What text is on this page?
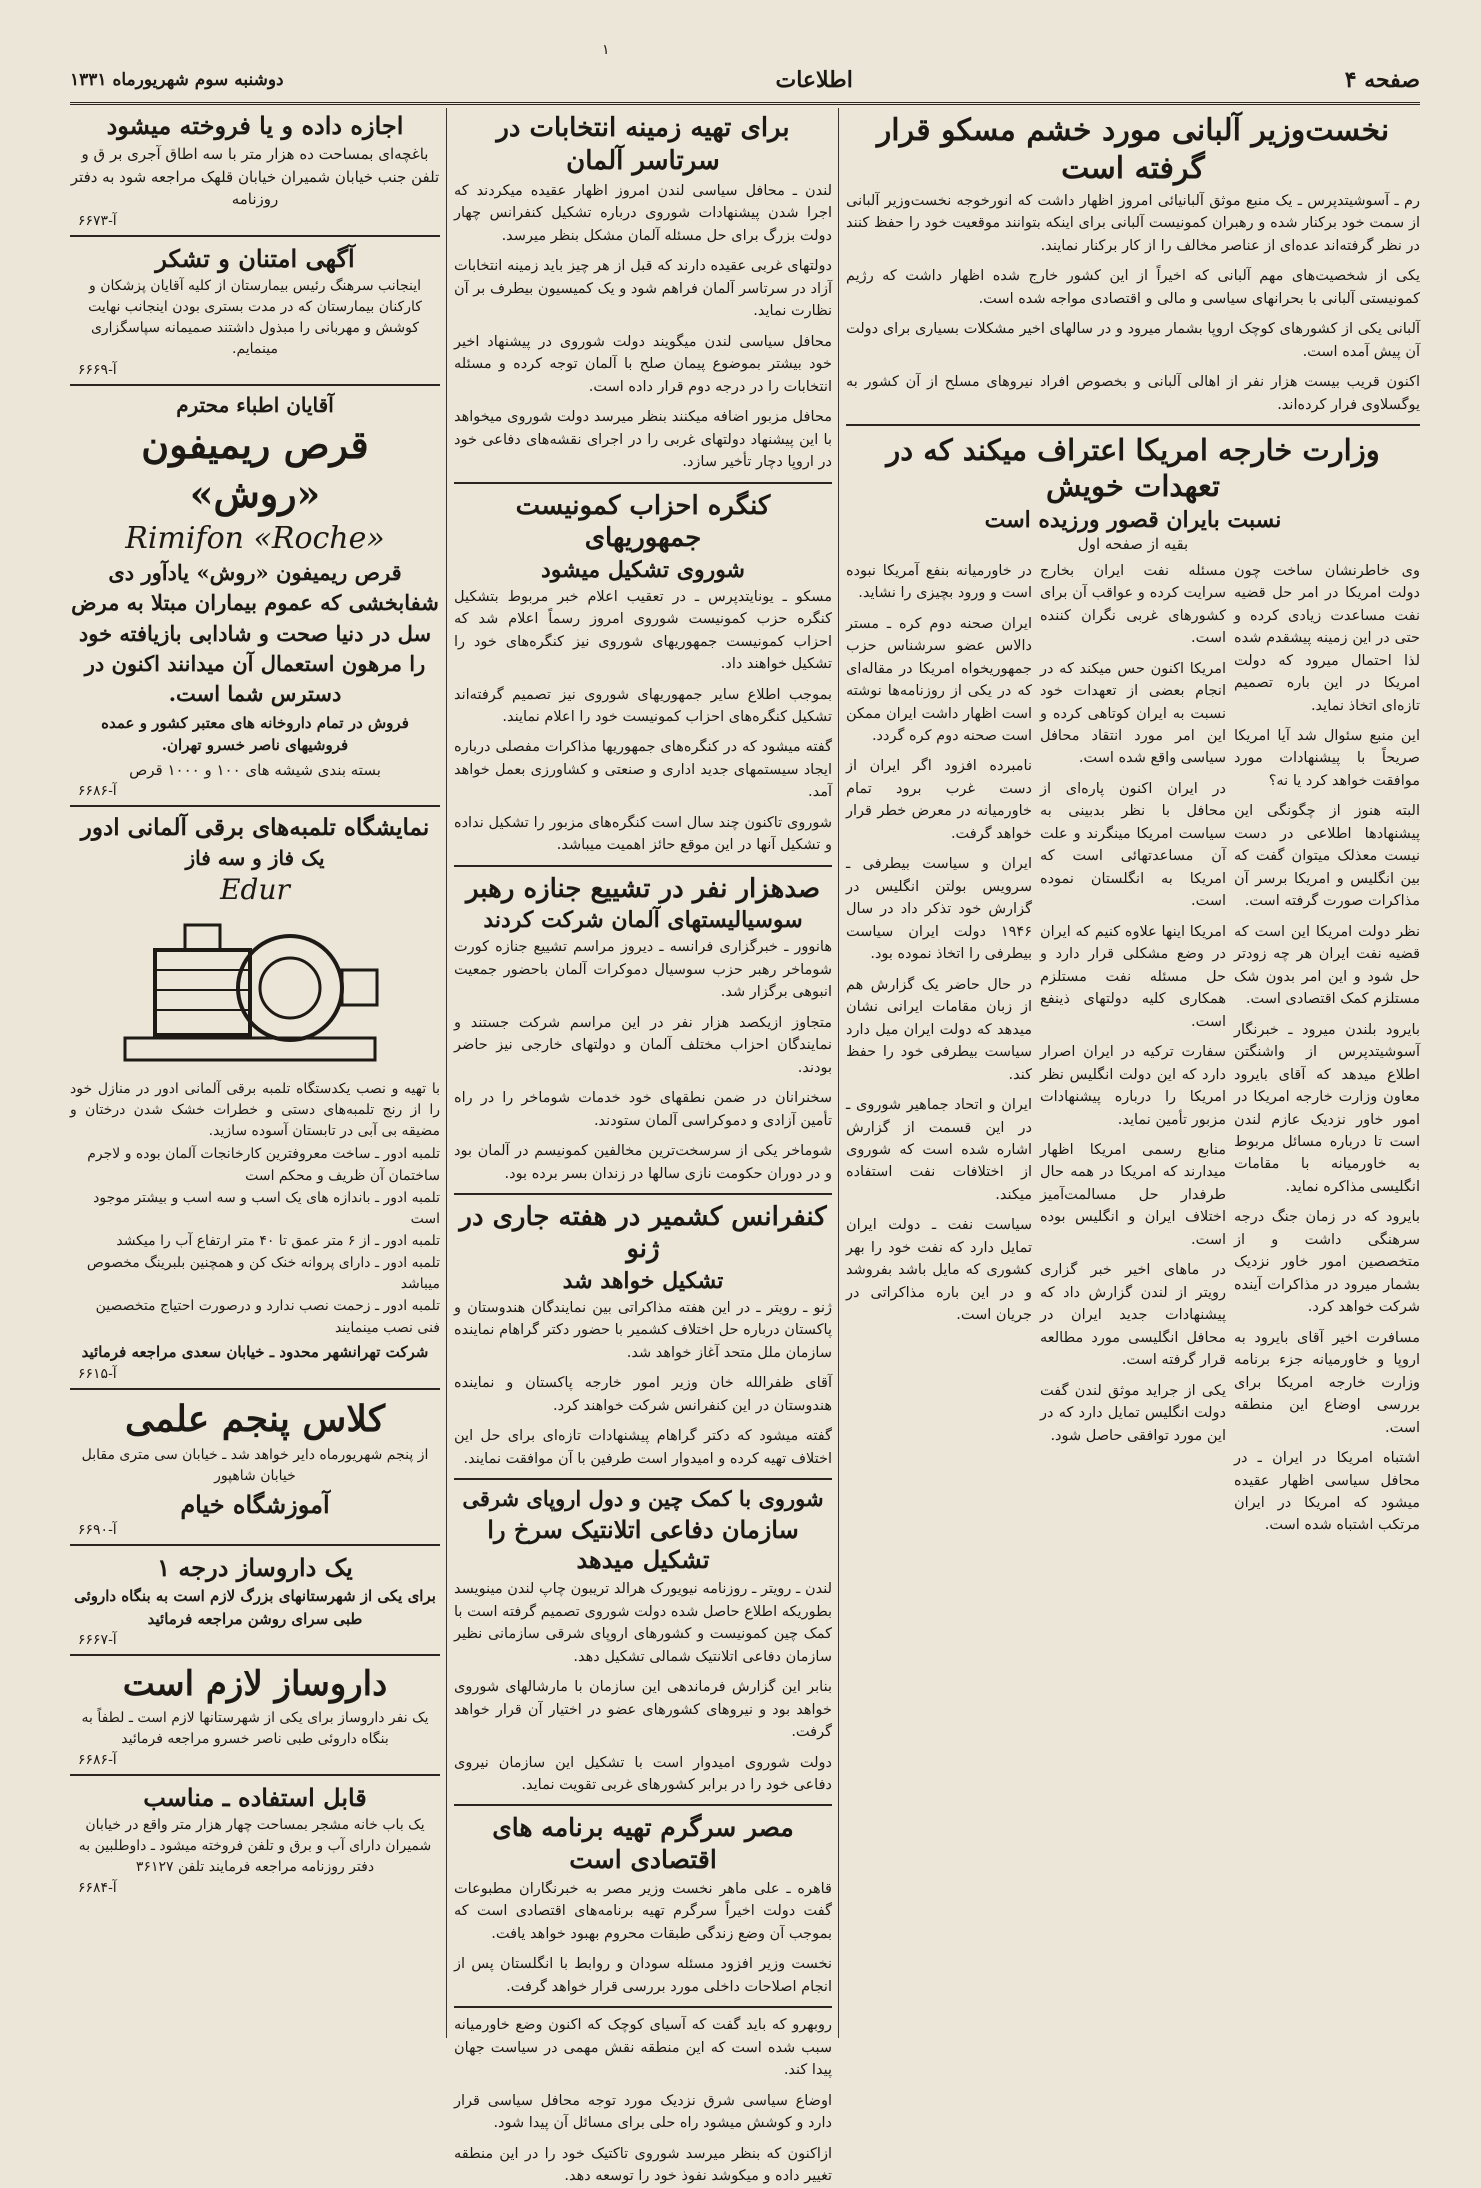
صفحه ۴
اطلاعات
دوشنبه سوم شهریورماه ۱۳۳۱
۱
نخست‌وزیر آلبانی مورد خشم مسکو قرار گرفته است

رم ـ آسوشیتدپرس ـ یک منبع موثق آلبانیائی امروز اظهار داشت که انورخوجه نخست‌وزیر آلبانی از سمت خود برکنار شده و رهبران کمونیست آلبانی برای اینکه بتوانند موقعیت خود را حفظ کنند در نظر گرفته‌اند عده‌ای از عناصر مخالف را از کار برکنار نمایند.

یکی از شخصیت‌های مهم آلبانی که اخیراً از این کشور خارج شده اظهار داشت که رژیم کمونیستی آلبانی با بحرانهای سیاسی و مالی و اقتصادی مواجه شده است.

آلبانی یکی از کشورهای کوچک اروپا بشمار میرود و در سالهای اخیر مشکلات بسیاری برای دولت آن پیش آمده است.

اکنون قریب بیست هزار نفر از اهالی آلبانی و بخصوص افراد نیروهای مسلح از آن کشور به یوگسلاوی فرار کرده‌اند.

وزارت خارجه امریکا اعتراف میکند که در تعهدات خویش
نسبت بایران قصور ورزیده است
بقیه از صفحه اول

وی خاطرنشان ساخت چون دولت امریکا در امر حل قضیه نفت مساعدت زیادی کرده و حتی در این زمینه پیشقدم شده لذا احتمال میرود که دولت امریکا در این باره تصمیم تازه‌ای اتخاذ نماید.

این منبع سئوال شد آیا امریکا صریحاً با پیشنهادات مورد موافقت خواهد کرد یا نه؟

البته هنوز از چگونگی این پیشنهادها اطلاعی در دست نیست معذلک میتوان گفت که بین انگلیس و امریکا برسر آن مذاکرات صورت گرفته است.

نظر دولت امریکا این است که قضیه نفت ایران هر چه زودتر حل شود و این امر بدون شک مستلزم کمک اقتصادی است.

بایرود بلندن میرود ـ خبرنگار آسوشیتدپرس از واشنگتن اطلاع میدهد که آقای بایرود معاون وزارت خارجه امریکا در امور خاور نزدیک عازم لندن است تا درباره مسائل مربوط به خاورمیانه با مقامات انگلیسی مذاکره نماید.

بایرود که در زمان جنگ درجه سرهنگی داشت و از متخصصین امور خاور نزدیک بشمار میرود در مذاکرات آینده شرکت خواهد کرد.

مسافرت اخیر آقای بایرود به اروپا و خاورمیانه جزء برنامه وزارت خارجه امریکا برای بررسی اوضاع این منطقه است.

اشتباه امریکا در ایران ـ در محافل سیاسی اظهار عقیده میشود که امریکا در ایران مرتکب اشتباه شده است.

مسئله نفت ایران بخارج سرایت کرده و عواقب آن برای کشورهای غربی نگران کننده است.

امریکا اکنون حس میکند که در انجام بعضی از تعهدات خود نسبت به ایران کوتاهی کرده و این امر مورد انتقاد محافل سیاسی واقع شده است.

در ایران اکنون پاره‌ای از محافل با نظر بدبینی به سیاست امریکا مینگرند و علت آن مساعدتهائی است که امریکا به انگلستان نموده است.

امریکا اینها علاوه کنیم که ایران در وضع مشکلی قرار دارد و حل مسئله نفت مستلزم همکاری کلیه دولتهای ذینفع است.

سفارت ترکیه در ایران اصرار دارد که این دولت انگلیس نظر امریکا را درباره پیشنهادات مزبور تأمین نماید.

منابع رسمی امریکا اظهار میدارند که امریکا در همه حال طرفدار حل مسالمت‌آمیز اختلاف ایران و انگلیس بوده است.

در ماهای اخیر خبر گزاری رویتر از لندن گزارش داد که پیشنهادات جدید ایران در محافل انگلیسی مورد مطالعه قرار گرفته است.

یکی از جراید موثق لندن گفت دولت انگلیس تمایل دارد که در این مورد توافقی حاصل شود.

در خاورمیانه بنفع آمریکا نبوده است و ورود بچیزی را نشاید.

ایران صحنه دوم کره ـ مستر دالاس عضو سرشناس حزب جمهوریخواه امریکا در مقاله‌ای که در یکی از روزنامه‌ها نوشته است اظهار داشت ایران ممکن است صحنه دوم کره گردد.

نامبرده افزود اگر ایران از دست غرب برود تمام خاورمیانه در معرض خطر قرار خواهد گرفت.

ایران و سیاست بیطرفی ـ سرویس بولتن انگلیس در گزارش خود تذکر داد در سال ۱۹۴۶ دولت ایران سیاست بیطرفی را اتخاذ نموده بود.

در حال حاضر یک گزارش هم از زبان مقامات ایرانی نشان میدهد که دولت ایران میل دارد سیاست بیطرفی خود را حفظ کند.

ایران و اتحاد جماهیر شوروی ـ در این قسمت از گزارش اشاره شده است که شوروی از اختلافات نفت استفاده میکند.

سیاست نفت ـ دولت ایران تمایل دارد که نفت خود را بهر کشوری که مایل باشد بفروشد و در این باره مذاکراتی در جریان است.

برای تهیه زمینه انتخابات در سرتاسر آلمان

لندن ـ محافل سیاسی لندن امروز اظهار عقیده میکردند که اجرا شدن پیشنهادات شوروی درباره تشکیل کنفرانس چهار دولت بزرگ برای حل مسئله آلمان مشکل بنظر میرسد.

دولتهای غربی عقیده دارند که قبل از هر چیز باید زمینه انتخابات آزاد در سرتاسر آلمان فراهم شود و یک کمیسیون بیطرف بر آن نظارت نماید.

محافل سیاسی لندن میگویند دولت شوروی در پیشنهاد اخیر خود بیشتر بموضوع پیمان صلح با آلمان توجه کرده و مسئله انتخابات را در درجه دوم قرار داده است.

محافل مزبور اضافه میکنند بنظر میرسد دولت شوروی میخواهد با این پیشنهاد دولتهای غربی را در اجرای نقشه‌های دفاعی خود در اروپا دچار تأخیر سازد.

کنگره احزاب کمونیست جمهوریهای
شوروی تشکیل میشود

مسکو ـ یونایتدپرس ـ در تعقیب اعلام خبر مربوط بتشکیل کنگره حزب کمونیست شوروی امروز رسماً اعلام شد که احزاب کمونیست جمهوریهای شوروی نیز کنگره‌های خود را تشکیل خواهند داد.

بموجب اطلاع سایر جمهوریهای شوروی نیز تصمیم گرفته‌اند تشکیل کنگره‌های احزاب کمونیست خود را اعلام نمایند.

گفته میشود که در کنگره‌های جمهوریها مذاکرات مفصلی درباره ایجاد سیستمهای جدید اداری و صنعتی و کشاورزی بعمل خواهد آمد.

شوروی تاکنون چند سال است کنگره‌های مزبور را تشکیل نداده و تشکیل آنها در این موقع حائز اهمیت میباشد.

صدهزار نفر در تشییع جنازه رهبر
سوسیالیستهای آلمان شرکت کردند

هانوور ـ خبرگزاری فرانسه ـ دیروز مراسم تشییع جنازه کورت شوماخر رهبر حزب سوسیال دموکرات آلمان باحضور جمعیت انبوهی برگزار شد.

متجاوز ازیکصد هزار نفر در این مراسم شرکت جستند و نمایندگان احزاب مختلف آلمان و دولتهای خارجی نیز حاضر بودند.

سخنرانان در ضمن نطقهای خود خدمات شوماخر را در راه تأمین آزادی و دموکراسی آلمان ستودند.

شوماخر یکی از سرسخت‌ترین مخالفین کمونیسم در آلمان بود و در دوران حکومت نازی سالها در زندان بسر برده بود.

کنفرانس کشمیر در هفته جاری در ژنو
تشکیل خواهد شد

ژنو ـ رویتر ـ در این هفته مذاکراتی بین نمایندگان هندوستان و پاکستان درباره حل اختلاف کشمیر با حضور دکتر گراهام نماینده سازمان ملل متحد آغاز خواهد شد.

آقای ظفرالله خان وزیر امور خارجه پاکستان و نماینده هندوستان در این کنفرانس شرکت خواهند کرد.

گفته میشود که دکتر گراهام پیشنهادات تازه‌ای برای حل این اختلاف تهیه کرده و امیدوار است طرفین با آن موافقت نمایند.

شوروی با کمک چین و دول اروپای شرقی
سازمان دفاعی اتلانتیک سرخ را تشکیل میدهد

لندن ـ رویتر ـ روزنامه نیویورک هرالد تریبون چاپ لندن مینویسد بطوریکه اطلاع حاصل شده دولت شوروی تصمیم گرفته است با کمک چین کمونیست و کشورهای اروپای شرقی سازمانی نظیر سازمان دفاعی اتلانتیک شمالی تشکیل دهد.

بنابر این گزارش فرماندهی این سازمان با مارشالهای شوروی خواهد بود و نیروهای کشورهای عضو در اختیار آن قرار خواهد گرفت.

دولت شوروی امیدوار است با تشکیل این سازمان نیروی دفاعی خود را در برابر کشورهای غربی تقویت نماید.

مصر سرگرم تهیه برنامه های اقتصادی است

قاهره ـ علی ماهر نخست وزیر مصر به خبرنگاران مطبوعات گفت دولت اخیراً سرگرم تهیه برنامه‌های اقتصادی است که بموجب آن وضع زندگی طبقات محروم بهبود خواهد یافت.

نخست وزیر افزود مسئله سودان و روابط با انگلستان پس از انجام اصلاحات داخلی مورد بررسی قرار خواهد گرفت.

روبهرو که باید گفت که آسیای کوچک که اکنون وضع خاورمیانه سبب شده است که این منطقه نقش مهمی در سیاست جهان پیدا کند.

اوضاع سیاسی شرق نزدیک مورد توجه محافل سیاسی قرار دارد و کوشش میشود راه حلی برای مسائل آن پیدا شود.

ازاکنون که بنظر میرسد شوروی تاکتیک خود را در این منطقه تغییر داده و میکوشد نفوذ خود را توسعه دهد.

اجازه داده و یا فروخته میشود
باغچه‌ای بمساحت ده هزار متر با سه اطاق آجری بر ق و تلفن جنب خیابان شمیران خیابان قلهک مراجعه شود به دفتر روزنامه
آ-۶۶۷۳
آگهی امتنان و تشکر
اینجانب سرهنگ رئیس بیمارستان از کلیه آقایان پزشکان و کارکنان بیمارستان که در مدت بستری بودن اینجانب نهایت کوشش و مهربانی را مبذول داشتند صمیمانه سپاسگزاری مینمایم.
آ-۶۶۶۹
آقایان اطباء محترم
قرص ریمیفون «روش»

Rimifon «Roche»

قرص ریمیفون «روش» یادآور دی شفابخشی که عموم بیماران مبتلا به مرض سل در دنیا صحت و شادابی بازیافته خود را مرهون استعمال آن میدانند اکنون در دسترس شما است.
فروش در تمام داروخانه های معتبر کشور و عمده فروشیهای ناصر خسرو تهران.
بسته بندی شیشه های ۱۰۰ و ۱۰۰۰ قرص
آ-۶۶۸۶
نمایشگاه تلمبه‌های برقی آلمانی ادور
یک فاز و سه فاز

Edur

با تهیه و نصب یکدستگاه تلمبه برقی آلمانی ادور در منازل خود را از رنج تلمبه‌های دستی و خطرات خشک شدن درختان و مضیقه بی آبی در تابستان آسوده سازید.
تلمبه ادور ـ ساخت معروفترین کارخانجات آلمان بوده و لاجرم ساختمان آن ظریف و محکم است
تلمبه ادور ـ باندازه های یک اسب و سه اسب و بیشتر موجود است
تلمبه ادور ـ از ۶ متر عمق تا ۴۰ متر ارتفاع آب را میکشد
تلمبه ادور ـ دارای پروانه خنک کن و همچنین بلبرینگ مخصوص میباشد
تلمبه ادور ـ زحمت نصب ندارد و درصورت احتیاج متخصصین فنی نصب مینمایند
شرکت تهرانشهر محدود ـ خیابان سعدی مراجعه فرمائید
آ-۶۶۱۵
کلاس پنجم علمی
از پنجم شهریورماه دایر خواهد شد ـ خیابان سی متری مقابل خیابان شاهپور
آموزشگاه خیام
آ-۶۶۹۰
یک داروساز درجه ۱
برای یکی از شهرستانهای بزرگ لازم است به بنگاه داروئی طبی سرای روشن مراجعه فرمائید
آ-۶۶۶۷
داروساز لازم است
یک نفر داروساز برای یکی از شهرستانها لازم است ـ لطفاً به بنگاه داروئی طبی ناصر خسرو مراجعه فرمائید
آ-۶۶۸۶
قابل استفاده ـ مناسب
یک باب خانه مشجر بمساحت چهار هزار متر واقع در خیابان شمیران دارای آب و برق و تلفن فروخته میشود ـ داوطلبین به دفتر روزنامه مراجعه فرمایند تلفن ۳۶۱۲۷
آ-۶۶۸۴
